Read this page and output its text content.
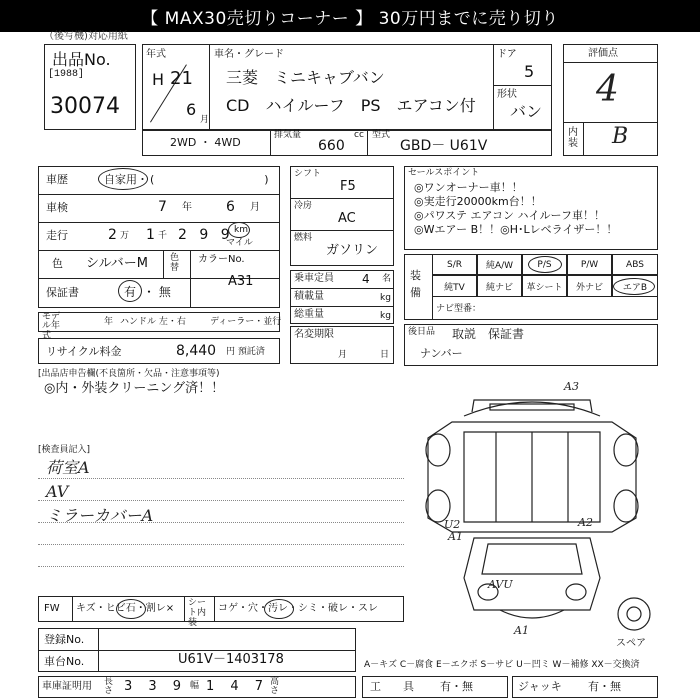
【 MAX30売切りコーナー 】 30万円までに売り切り
（後写機)対応用紙
出品No.
[1988]
30074
年式
H 21
6
月
車名・グレード
三菱　ミニキャブバン
CD　ハイルーフ　PS　エアコン付
ドア
5
形状
バン
評価点
4
内装 B
2WD ・ 4WD
排気量	cc
660
型式
GBD－ U61V
車歴	自家用・ (　　　　　　　　　　)
車検	7 年 6 月
走行	2 万 1 千 2 9 9 km
マイル
色 シルバーM 色替
カラーNo.
A31
保証書	有 ・ 無
モデル年式
年 ハンドル 左・右	ディーラー・並行
リサイクル料金	8,440 円 預託済
シフト
F5
冷房
AC
燃料
ガソリン
乗車定員 4 名
積載量	kg
総重量	kg
名変期限
月	日
セールスポイント
◎ワンオーナー車！！
◎実走行20000km台！！
◎パワステ エアコン ハイルーフ車！！
◎Wエアー B！！◎H･Lレベライザー！！
装備
S/R	純A/W	P/S	P/W	ABS
純TV	純ナビ	革シート	外ナビ	エアB
ナビ型番：
後日品 取説　保証書
ナンバー
[出品店申告欄(不良箇所・欠品・注意事項等)
◎内・外装クリーニング済！！
[検査員記入]
荷室A
AV
ミラーカバーA
A3
A2
U2
A1
AVU
A1
スペア
FW キズ・ヒビ石・割レ× シート内装
コゲ・穴・汚レ・シミ・破レ・スレ
登録No.
車台No.	U61V－1403178
車庫証明用 長さ 3 3 9 幅 1 4 7 高さ
A－キズ C－腐食 E－エクボ S－サビ U－凹ミ W－補修 XX－交換済
工　　具 有・無	ジャッキ 有・無
